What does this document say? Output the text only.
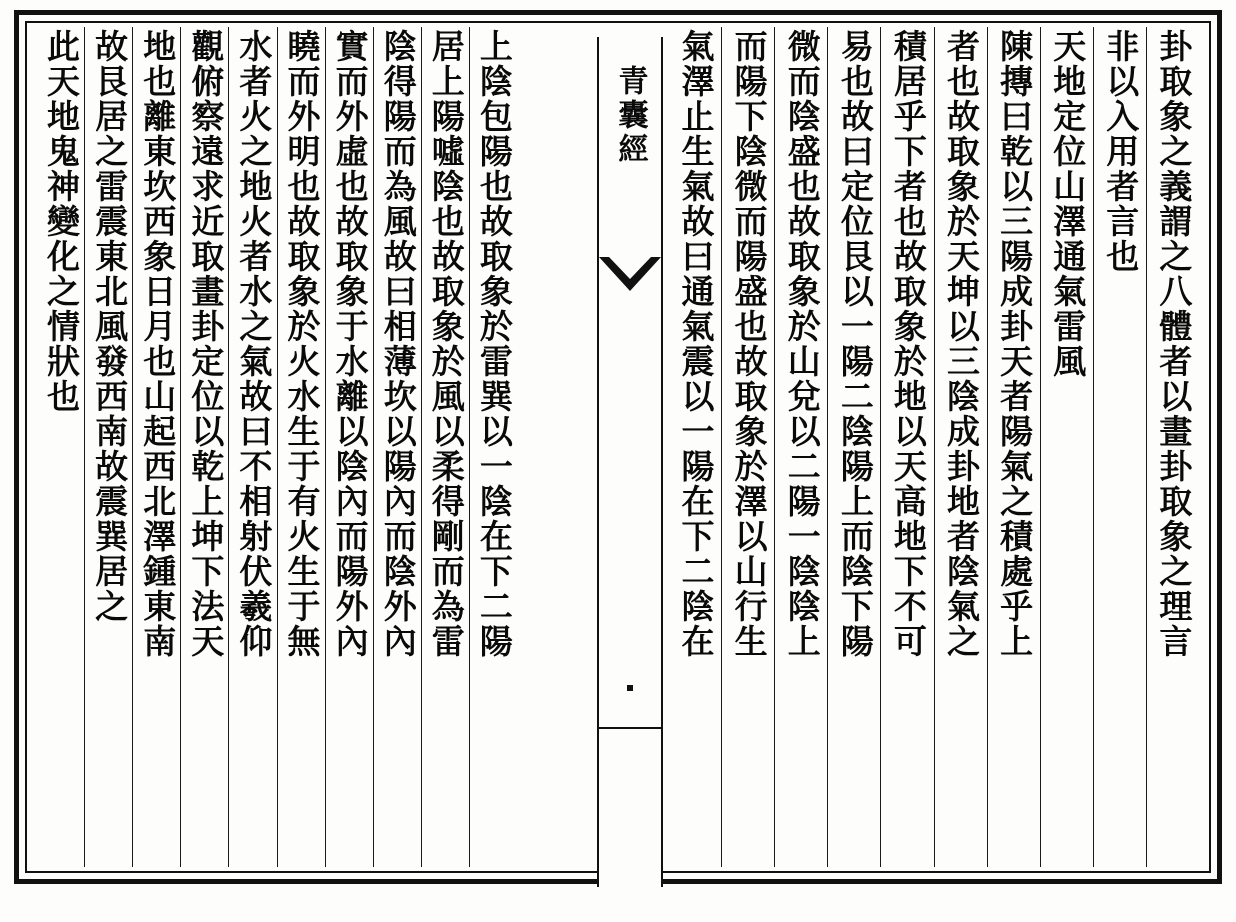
卦取象之義謂之八體者以畫卦取象之理言
非以入用者言也
天地定位山澤通氣雷風
陳摶曰乾以三陽成卦天者陽氣之積處乎上
者也故取象於天坤以三陰成卦地者陰氣之
積居乎下者也故取象於地以天高地下不可
易也故曰定位艮以一陽二陰陽上而陰下陽
微而陰盛也故取象於山兌以二陽一陰陰上
而陽下陰微而陽盛也故取象於澤以山行生
氣澤止生氣故曰通氣震以一陽在下二陰在
青囊經
上陰包陽也故取象於雷巽以一陰在下二陽
居上陽噓陰也故取象於風以柔得剛而為雷
陰得陽而為風故曰相薄坎以陽內而陰外內
實而外虛也故取象于水離以陰內而陽外內
䁱而外明也故取象於火水生于有火生于無
水者火之地火者水之氣故曰不相射伏羲仰
觀俯察遠求近取畫卦定位以乾上坤下法天
地也離東坎西象日月也山起西北澤鍾東南
故艮居之雷震東北風發西南故震巽居之
此天地鬼神變化之情狀也
